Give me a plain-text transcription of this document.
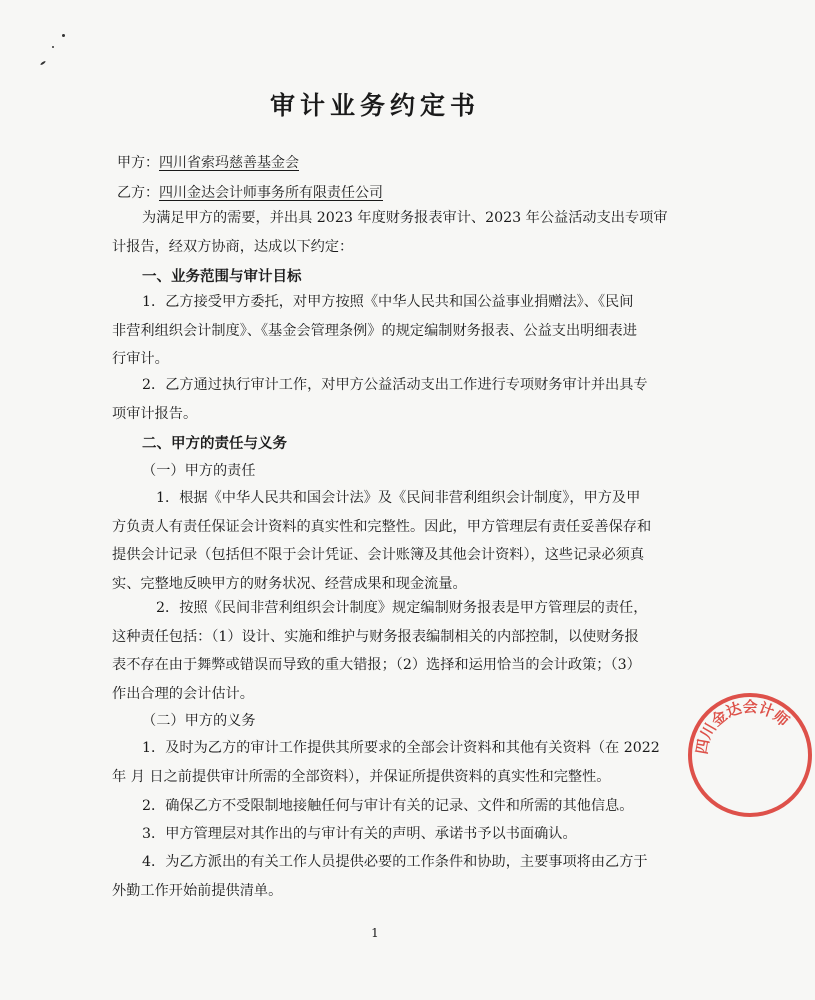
审计业务约定书
甲方：四川省索玛慈善基金会
乙方：四川金达会计师事务所有限责任公司
为满足甲方的需要，并出具 2023 年度财务报表审计、2023 年公益活动支出专项审
计报告，经双方协商，达成以下约定：
一、业务范围与审计目标
1．乙方接受甲方委托，对甲方按照《中华人民共和国公益事业捐赠法》、《民间
非营利组织会计制度》、《基金会管理条例》的规定编制财务报表、公益支出明细表进
行审计。
2．乙方通过执行审计工作，对甲方公益活动支出工作进行专项财务审计并出具专
项审计报告。
二、甲方的责任与义务
（一）甲方的责任
1．根据《中华人民共和国会计法》及《民间非营利组织会计制度》，甲方及甲
方负责人有责任保证会计资料的真实性和完整性。因此，甲方管理层有责任妥善保存和
提供会计记录（包括但不限于会计凭证、会计账簿及其他会计资料），这些记录必须真
实、完整地反映甲方的财务状况、经营成果和现金流量。
2．按照《民间非营利组织会计制度》规定编制财务报表是甲方管理层的责任，
这种责任包括：（1）设计、实施和维护与财务报表编制相关的内部控制，以使财务报
表不存在由于舞弊或错误而导致的重大错报；（2）选择和运用恰当的会计政策；（3）
作出合理的会计估计。
（二）甲方的义务
1．及时为乙方的审计工作提供其所要求的全部会计资料和其他有关资料（在 2022
年 月 日之前提供审计所需的全部资料），并保证所提供资料的真实性和完整性。
2．确保乙方不受限制地接触任何与审计有关的记录、文件和所需的其他信息。
3．甲方管理层对其作出的与审计有关的声明、承诺书予以书面确认。
4．为乙方派出的有关工作人员提供必要的工作条件和协助，主要事项将由乙方于
外勤工作开始前提供清单。
1
四川金达会计师
